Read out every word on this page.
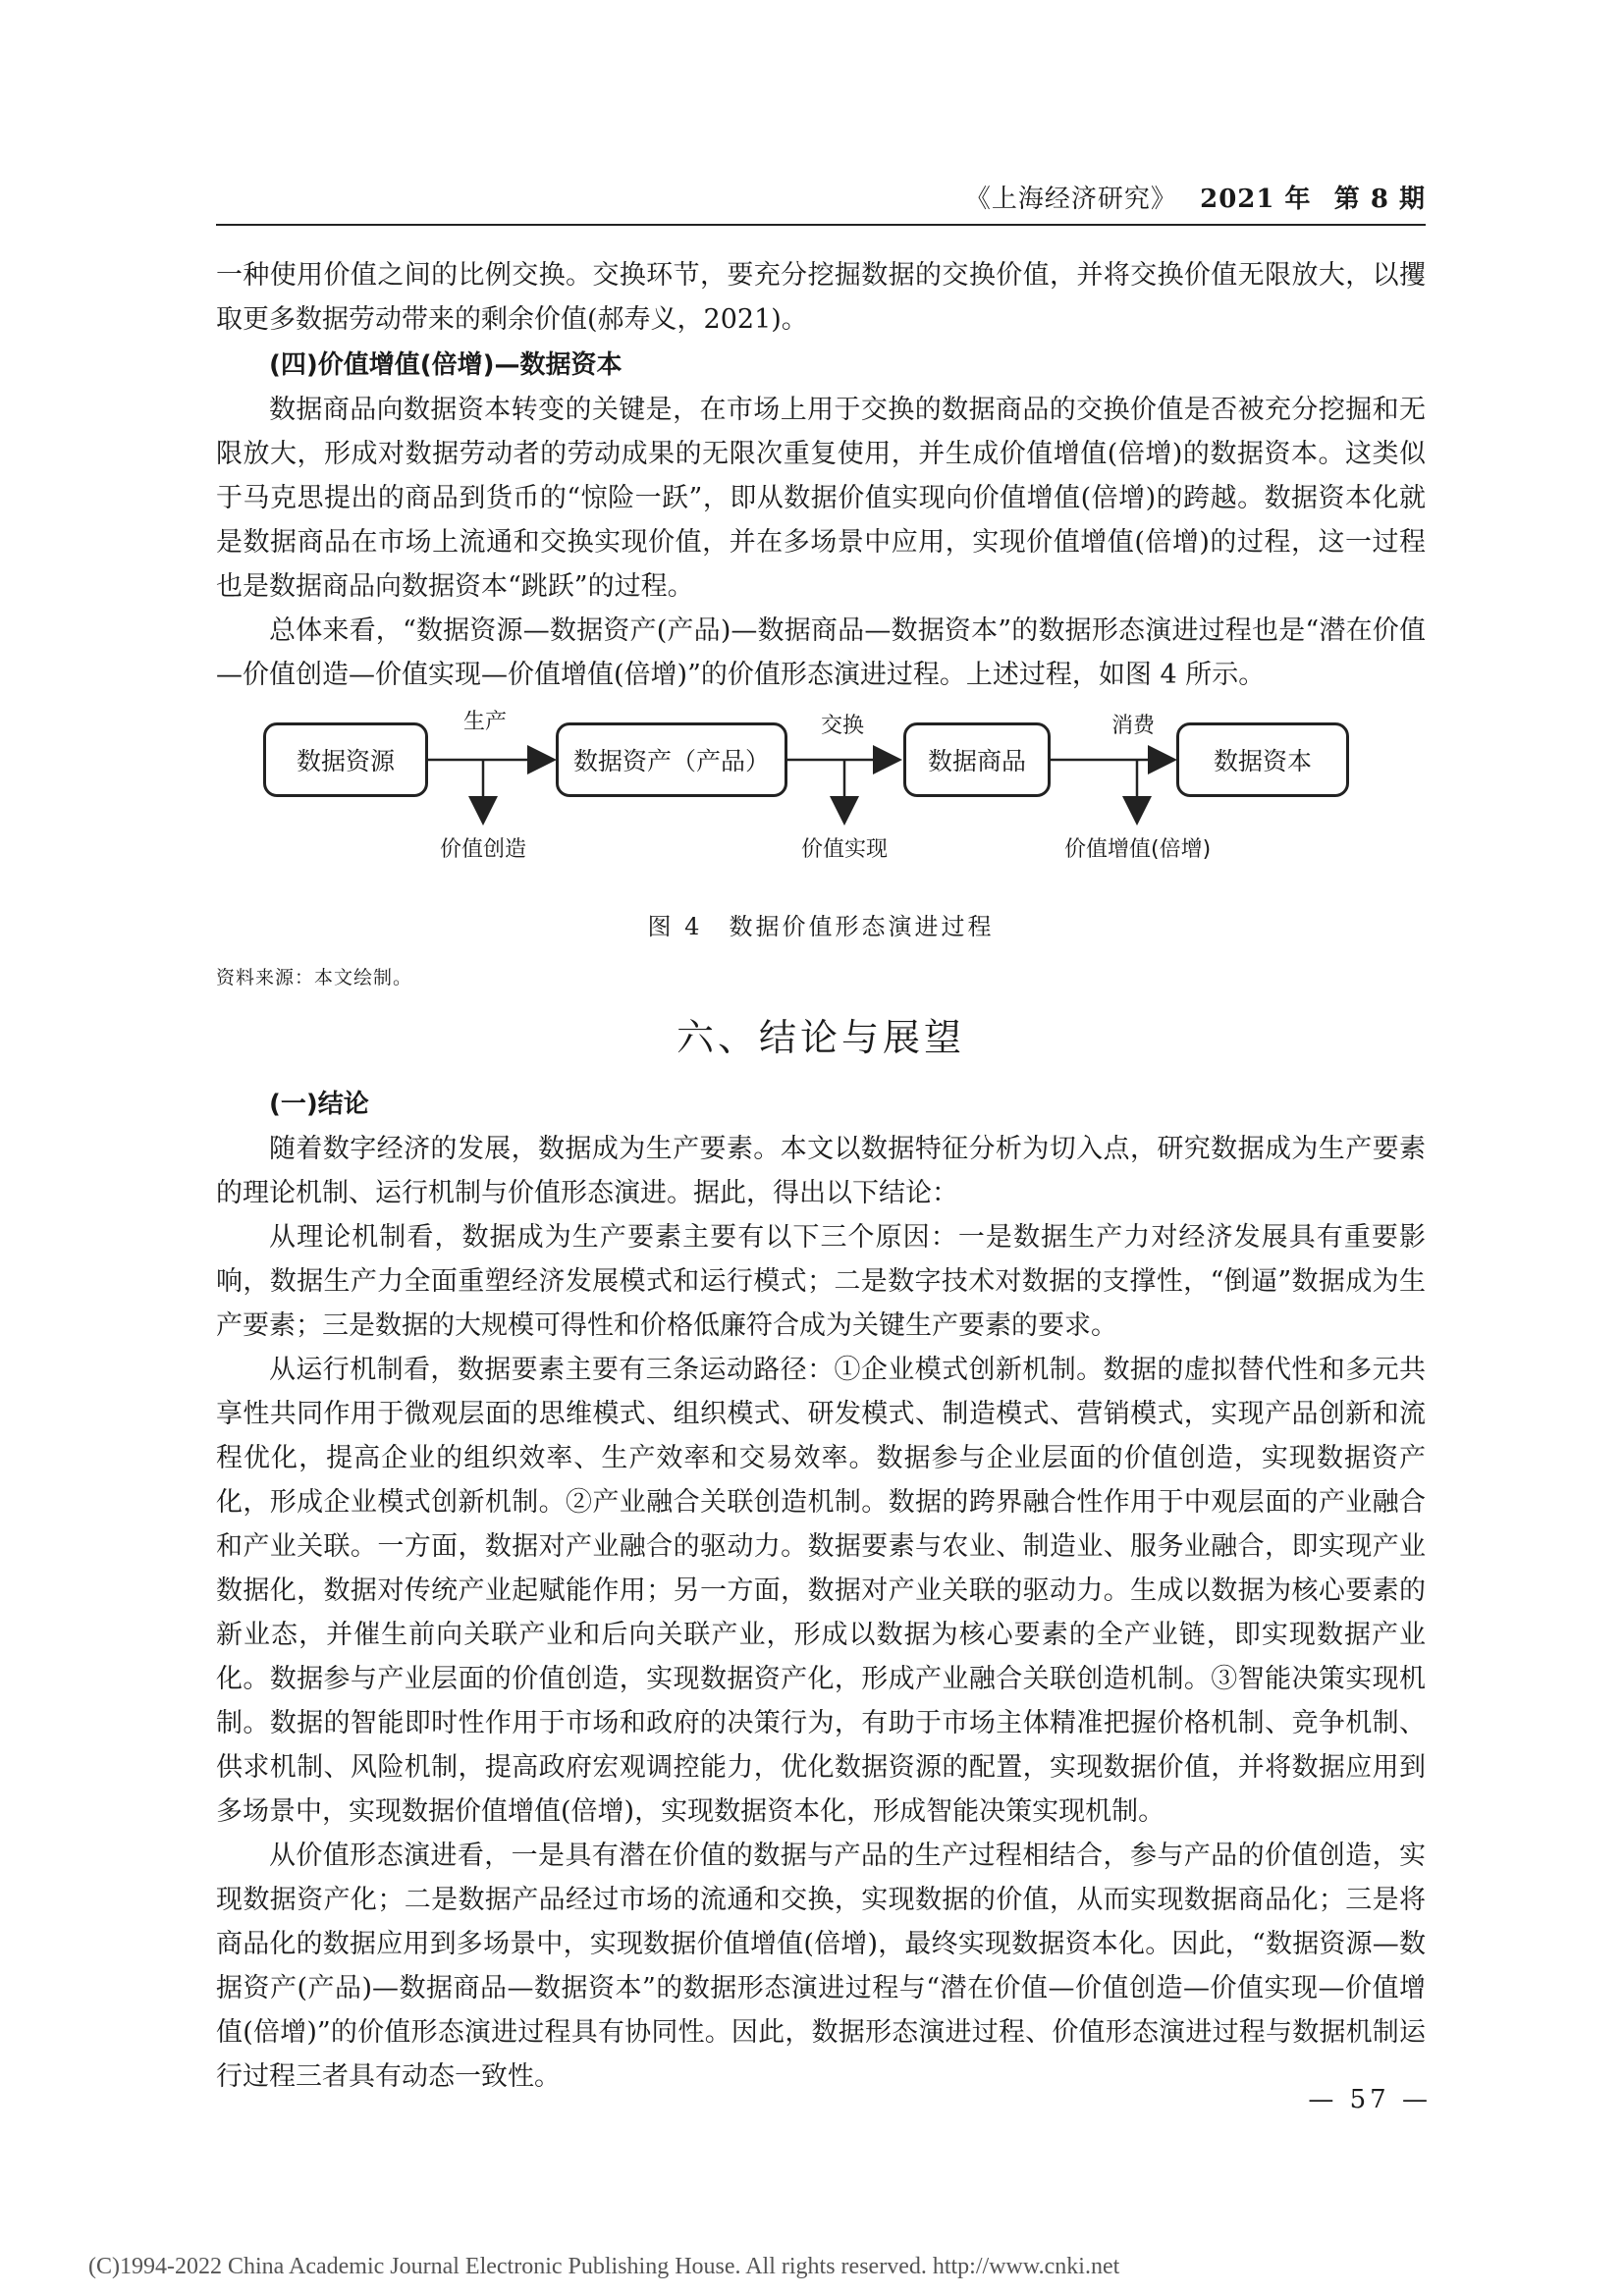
《上海经济研究》 2021 年 第 8 期

一种使用价值之间的比例交换。交换环节，要充分挖掘数据的交换价值，并将交换价值无限放大，以攫取更多数据劳动带来的剩余价值(郝寿义，2021)。

(四)价值增值(倍增)—数据资本

数据商品向数据资本转变的关键是，在市场上用于交换的数据商品的交换价值是否被充分挖掘和无限放大，形成对数据劳动者的劳动成果的无限次重复使用，并生成价值增值(倍增)的数据资本。这类似于马克思提出的商品到货币的“惊险一跃”，即从数据价值实现向价值增值(倍增)的跨越。数据资本化就是数据商品在市场上流通和交换实现价值，并在多场景中应用，实现价值增值(倍增)的过程，这一过程也是数据商品向数据资本“跳跃”的过程。

总体来看，“数据资源—数据资产(产品)—数据商品—数据资本”的数据形态演进过程也是“潜在价值—价值创造—价值实现—价值增值(倍增)”的价值形态演进过程。上述过程，如图 4 所示。

数据资源	数据资产（产品）	数据商品	数据资本
生产	交换	消费
价值创造	价值实现	价值增值(倍增)
图 4　数据价值形态演进过程
资料来源：本文绘制。
六、结论与展望
(一)结论

随着数字经济的发展，数据成为生产要素。本文以数据特征分析为切入点，研究数据成为生产要素的理论机制、运行机制与价值形态演进。据此，得出以下结论：

从理论机制看，数据成为生产要素主要有以下三个原因：一是数据生产力对经济发展具有重要影响，数据生产力全面重塑经济发展模式和运行模式；二是数字技术对数据的支撑性，“倒逼”数据成为生产要素；三是数据的大规模可得性和价格低廉符合成为关键生产要素的要求。

从运行机制看，数据要素主要有三条运动路径：①企业模式创新机制。数据的虚拟替代性和多元共享性共同作用于微观层面的思维模式、组织模式、研发模式、制造模式、营销模式，实现产品创新和流程优化，提高企业的组织效率、生产效率和交易效率。数据参与企业层面的价值创造，实现数据资产化，形成企业模式创新机制。②产业融合关联创造机制。数据的跨界融合性作用于中观层面的产业融合和产业关联。一方面，数据对产业融合的驱动力。数据要素与农业、制造业、服务业融合，即实现产业数据化，数据对传统产业起赋能作用；另一方面，数据对产业关联的驱动力。生成以数据为核心要素的新业态，并催生前向关联产业和后向关联产业，形成以数据为核心要素的全产业链，即实现数据产业化。数据参与产业层面的价值创造，实现数据资产化，形成产业融合关联创造机制。③智能决策实现机制。数据的智能即时性作用于市场和政府的决策行为，有助于市场主体精准把握价格机制、竞争机制、供求机制、风险机制，提高政府宏观调控能力，优化数据资源的配置，实现数据价值，并将数据应用到多场景中，实现数据价值增值(倍增)，实现数据资本化，形成智能决策实现机制。

从价值形态演进看，一是具有潜在价值的数据与产品的生产过程相结合，参与产品的价值创造，实现数据资产化；二是数据产品经过市场的流通和交换，实现数据的价值，从而实现数据商品化；三是将商品化的数据应用到多场景中，实现数据价值增值(倍增)，最终实现数据资本化。因此，“数据资源—数据资产(产品)—数据商品—数据资本”的数据形态演进过程与“潜在价值—价值创造—价值实现—价值增值(倍增)”的价值形态演进过程具有协同性。因此，数据形态演进过程、价值形态演进过程与数据机制运行过程三者具有动态一致性。

— 57 —
(C)1994-2022 China Academic Journal Electronic Publishing House. All rights reserved. http://www.cnki.net
